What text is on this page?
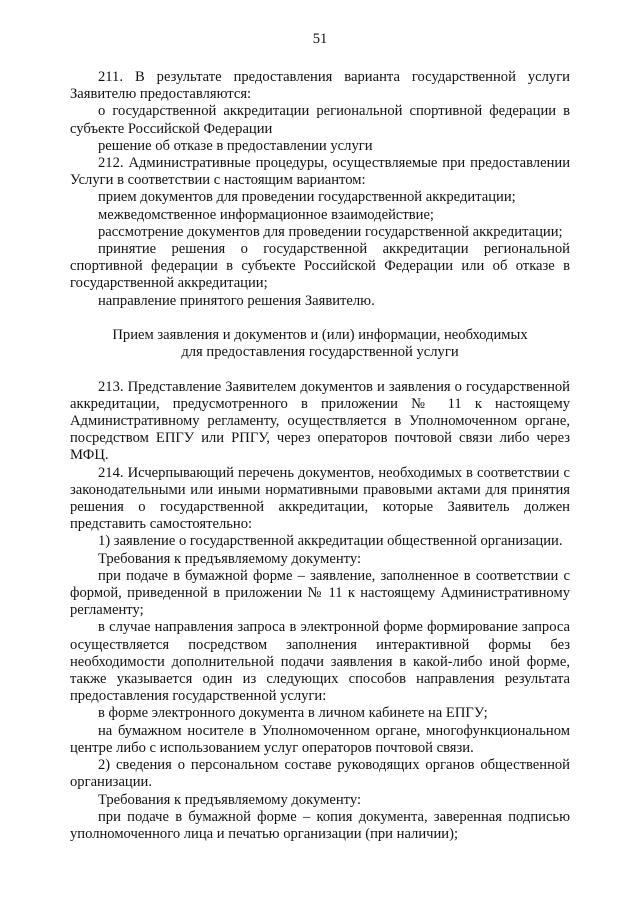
51

211. В результате предоставления варианта государственной услуги Заявителю предоставляются:

о государственной аккредитации региональной спортивной федерации в субъекте Российской Федерации

решение об отказе в предоставлении услуги

212. Административные процедуры, осуществляемые при предоставлении Услуги в соответствии с настоящим вариантом:

прием документов для проведении государственной аккредитации;

межведомственное информационное взаимодействие;

рассмотрение документов для проведении государственной аккредитации;

принятие решения о государственной аккредитации региональной спортивной федерации в субъекте Российской Федерации или об отказе в государственной аккредитации;

направление принятого решения Заявителю.

Прием заявления и документов и (или) информации, необходимых

для предоставления государственной услуги

213. Представление Заявителем документов и заявления о государственной аккредитации, предусмотренного в приложении № 11 к настоящему Административному регламенту, осуществляется в Уполномоченном органе, посредством ЕПГУ или РПГУ, через операторов почтовой связи либо через МФЦ.

214. Исчерпывающий перечень документов, необходимых в соответствии с законодательными или иными нормативными правовыми актами для принятия решения о государственной аккредитации, которые Заявитель должен представить самостоятельно:

1) заявление о государственной аккредитации общественной организации.

Требования к предъявляемому документу:

при подаче в бумажной форме – заявление, заполненное в соответствии с формой, приведенной в приложении № 11 к настоящему Административному регламенту;

в случае направления запроса в электронной форме формирование запроса осуществляется посредством заполнения интерактивной формы без необходимости дополнительной подачи заявления в какой-либо иной форме, также указывается один из следующих способов направления результата предоставления государственной услуги:

в форме электронного документа в личном кабинете на ЕПГУ;

на бумажном носителе в Уполномоченном органе, многофункциональном центре либо с использованием услуг операторов почтовой связи.

2) сведения о персональном составе руководящих органов общественной организации.

Требования к предъявляемому документу:

при подаче в бумажной форме – копия документа, заверенная подписью уполномоченного лица и печатью организации (при наличии);
